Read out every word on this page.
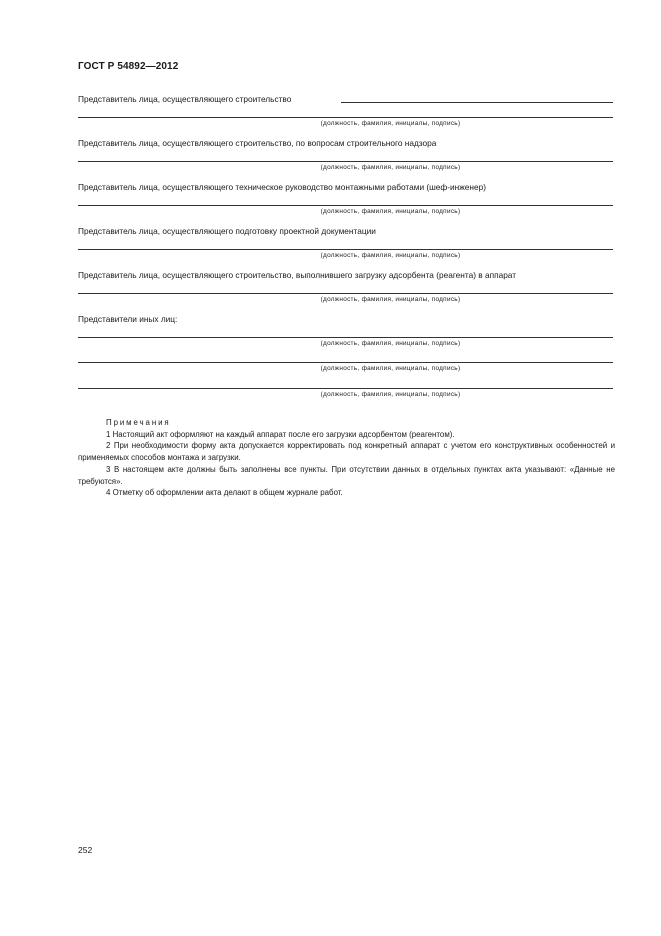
ГОСТ Р 54892—2012
Представитель лица, осуществляющего строительство
(должность, фамилия, инициалы, подпись)
Представитель лица, осуществляющего строительство, по вопросам строительного надзора
(должность, фамилия, инициалы, подпись)
Представитель лица, осуществляющего техническое руководство монтажными работами (шеф-инженер)
(должность, фамилия, инициалы, подпись)
Представитель лица, осуществляющего подготовку проектной документации
(должность, фамилия, инициалы, подпись)
Представитель лица, осуществляющего строительство, выполнившего загрузку адсорбента (реагента) в аппарат
(должность, фамилия, инициалы, подпись)
Представители иных лиц:
(должность, фамилия, инициалы, подпись)
(должность, фамилия, инициалы, подпись)
(должность, фамилия, инициалы, подпись)
Примечания

1 Настоящий акт оформляют на каждый аппарат после его загрузки адсорбентом (реагентом).

2 При необходимости форму акта допускается корректировать под конкретный аппарат с учетом его конструктивных особенностей и применяемых способов монтажа и загрузки.

3 В настоящем акте должны быть заполнены все пункты. При отсутствии данных в отдельных пунктах акта указывают: «Данные не требуются».

4 Отметку об оформлении акта делают в общем журнале работ.

252
